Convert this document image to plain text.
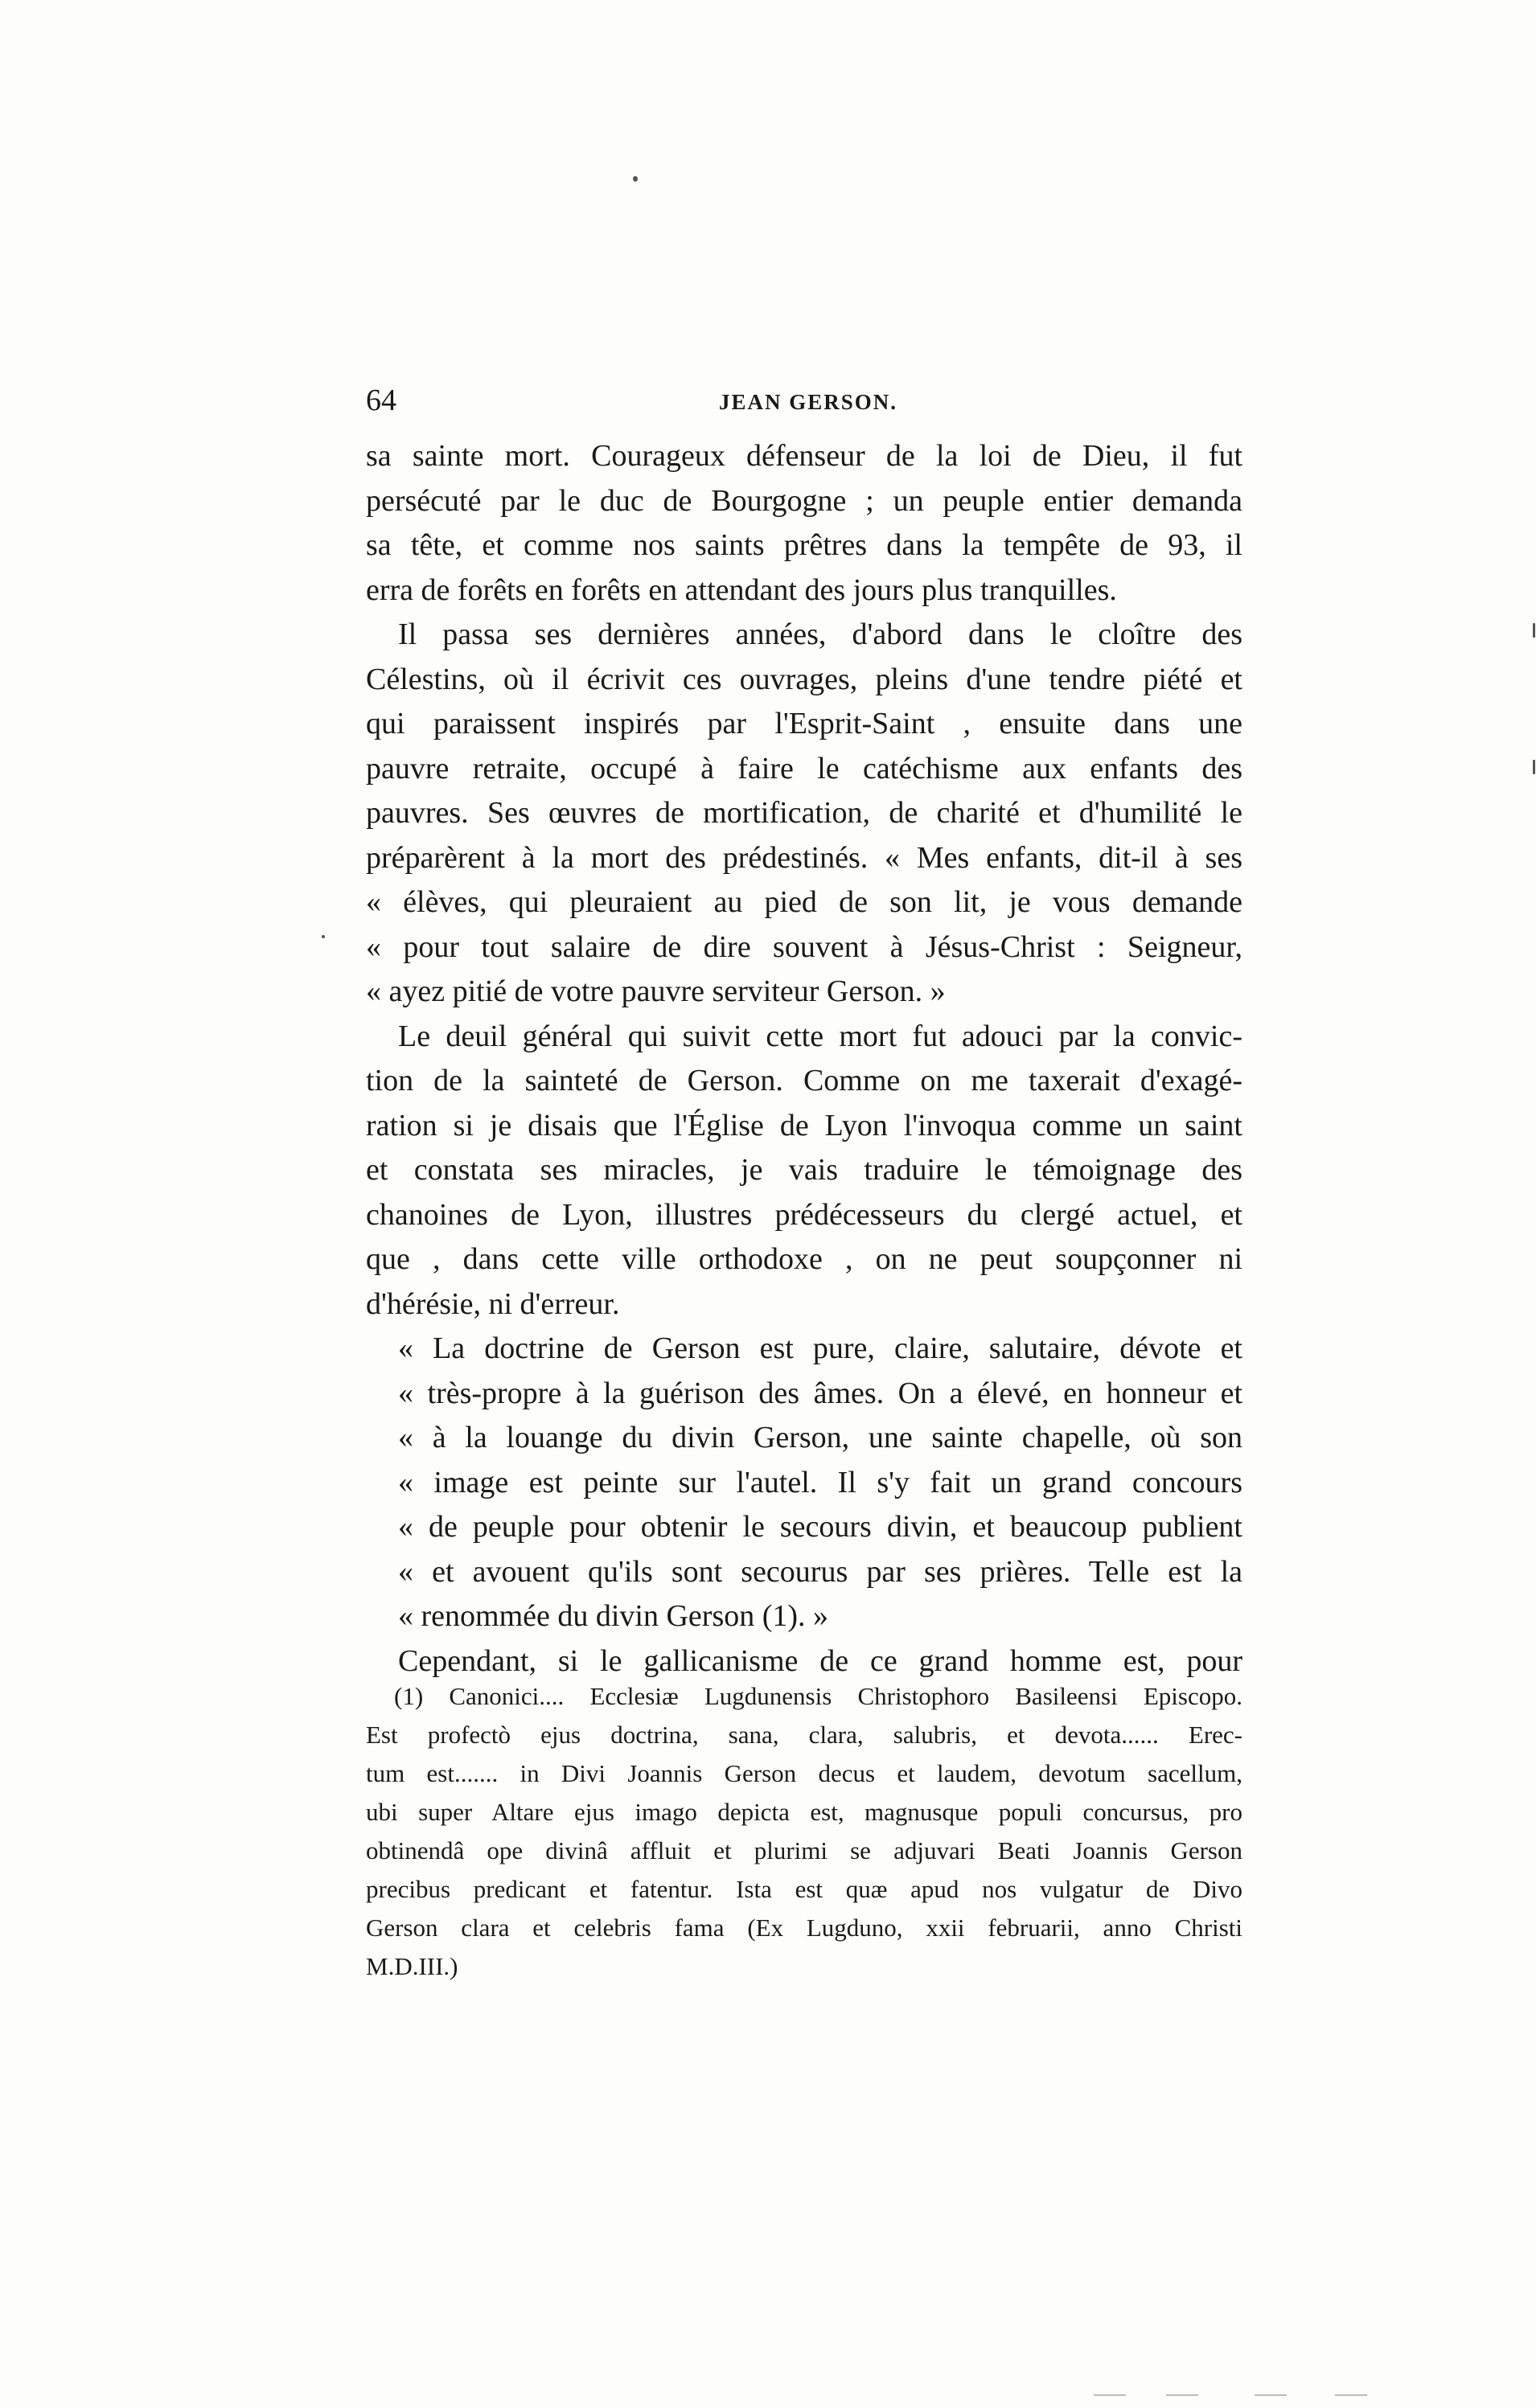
64	JEAN GERSON.
sa sainte mort. Courageux défenseur de la loi de Dieu, il fut
persécuté par le duc de Bourgogne ; un peuple entier demanda
sa tête, et comme nos saints prêtres dans la tempête de 93, il
erra de forêts en forêts en attendant des jours plus tranquilles.
Il passa ses dernières années, d'abord dans le cloître des
Célestins, où il écrivit ces ouvrages, pleins d'une tendre piété et
qui paraissent inspirés par l'Esprit-Saint , ensuite dans une
pauvre retraite, occupé à faire le catéchisme aux enfants des
pauvres. Ses œuvres de mortification, de charité et d'humilité le
préparèrent à la mort des prédestinés. « Mes enfants, dit-il à ses
« élèves, qui pleuraient au pied de son lit, je vous demande
« pour tout salaire de dire souvent à Jésus-Christ : Seigneur,
« ayez pitié de votre pauvre serviteur Gerson. »
Le deuil général qui suivit cette mort fut adouci par la convic-
tion de la sainteté de Gerson. Comme on me taxerait d'exagé-
ration si je disais que l'Église de Lyon l'invoqua comme un saint
et constata ses miracles, je vais traduire le témoignage des
chanoines de Lyon, illustres prédécesseurs du clergé actuel, et
que , dans cette ville orthodoxe , on ne peut soupçonner ni
d'hérésie, ni d'erreur.
« La doctrine de Gerson est pure, claire, salutaire, dévote et
« très-propre à la guérison des âmes. On a élevé, en honneur et
« à la louange du divin Gerson, une sainte chapelle, où son
« image est peinte sur l'autel. Il s'y fait un grand concours
« de peuple pour obtenir le secours divin, et beaucoup publient
« et avouent qu'ils sont secourus par ses prières. Telle est la
« renommée du divin Gerson (1). »
Cependant, si le gallicanisme de ce grand homme est, pour
(1) Canonici.... Ecclesiæ Lugdunensis Christophoro Basileensi Episcopo.
Est profectò ejus doctrina, sana, clara, salubris, et devota...... Erec-
tum est....... in Divi Joannis Gerson decus et laudem, devotum sacellum,
ubi super Altare ejus imago depicta est, magnusque populi concursus, pro
obtinendâ ope divinâ affluit et plurimi se adjuvari Beati Joannis Gerson
precibus predicant et fatentur. Ista est quæ apud nos vulgatur de Divo
Gerson clara et celebris fama (Ex Lugduno, xxii februarii, anno Christi
M.D.III.)
